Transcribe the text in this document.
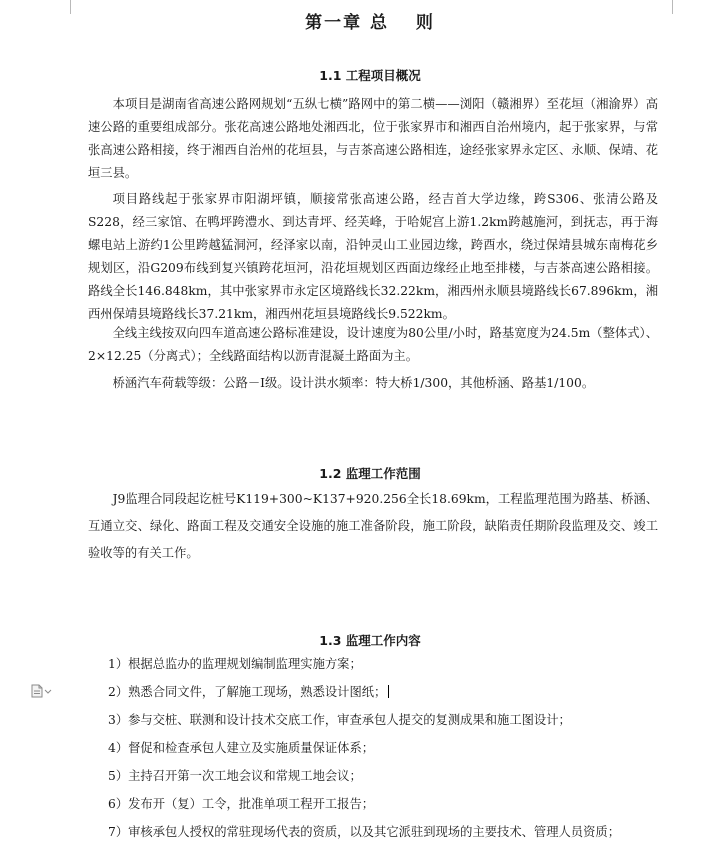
第一章 总　 则
1.1 工程项目概况
本项目是湖南省高速公路网规划“五纵七横”路网中的第二横——浏阳（赣湘界）至花垣（湘渝界）高速公路的重要组成部分。张花高速公路地处湘西北，位于张家界市和湘西自治州境内，起于张家界，与常张高速公路相接，终于湘西自治州的花垣县，与吉茶高速公路相连，途经张家界永定区、永顺、保靖、花垣三县。
项目路线起于张家界市阳湖坪镇，顺接常张高速公路，经吉首大学边缘，跨S306、张清公路及S228，经三家馆、在鸭坪跨澧水、到达青坪、经芙峰，于哈妮宫上游1.2km跨越施河，到抚志，再于海螺电站上游约1公里跨越猛洞河，经泽家以南，沿钟灵山工业园边缘，跨酉水，绕过保靖县城东南梅花乡规划区，沿G209布线到复兴镇跨花垣河，沿花垣规划区西面边缘经止地至排楼，与吉茶高速公路相接。路线全长146.848km，其中张家界市永定区境路线长32.22km，湘西州永顺县境路线长67.896km，湘西州保靖县境路线长37.21km，湘西州花垣县境路线长9.522km。
全线主线按双向四车道高速公路标准建设，设计速度为80公里/小时，路基宽度为24.5m（整体式）、2×12.25（分离式）；全线路面结构以沥青混凝土路面为主。
桥涵汽车荷载等级：公路－Ⅰ级。设计洪水频率：特大桥1/300，其他桥涵、路基1/100。
1.2 监理工作范围
J9监理合同段起讫桩号K119+300~K137+920.256全长18.69km，工程监理范围为路基、桥涵、互通立交、绿化、路面工程及交通安全设施的施工准备阶段，施工阶段，缺陷责任期阶段监理及交、竣工验收等的有关工作。
1.3 监理工作内容
1）根据总监办的监理规划编制监理实施方案；
2）熟悉合同文件，了解施工现场，熟悉设计图纸；
3）参与交桩、联测和设计技术交底工作，审查承包人提交的复测成果和施工图设计；
4）督促和检查承包人建立及实施质量保证体系；
5）主持召开第一次工地会议和常规工地会议；
6）发布开（复）工令，批准单项工程开工报告；
7）审核承包人授权的常驻现场代表的资质，以及其它派驻到现场的主要技术、管理人员资质；
